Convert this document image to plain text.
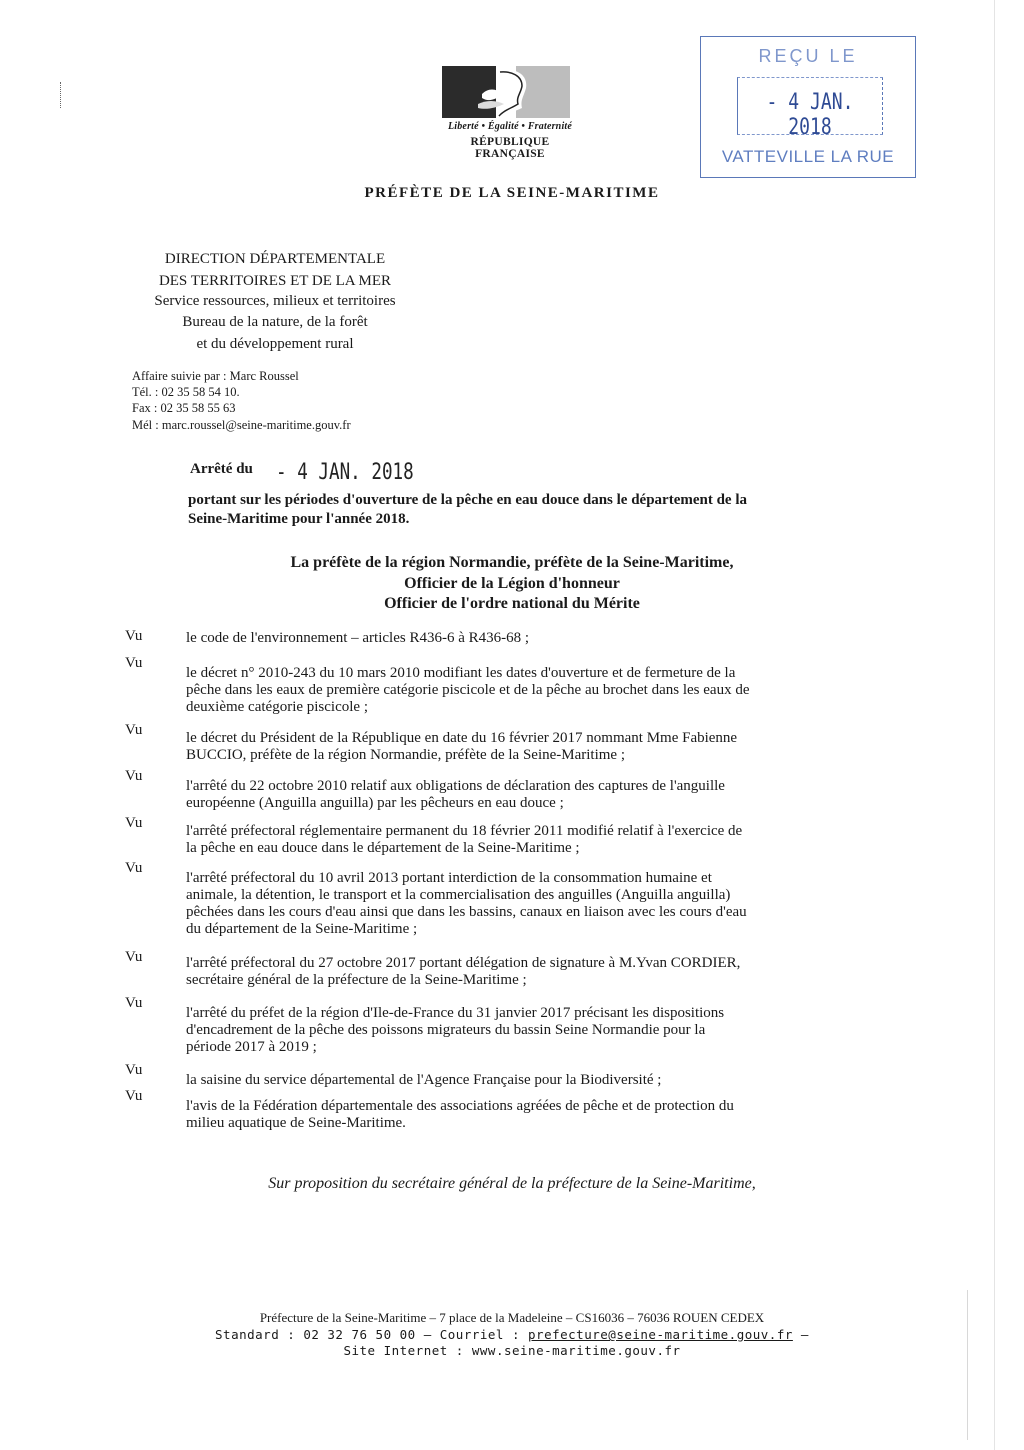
Liberté • Égalité • Fraternité
RÉPUBLIQUE FRANÇAISE
REÇU LE
- 4 JAN. 2018
VATTEVILLE LA RUE
PRÉFÈTE DE LA SEINE-MARITIME
DIRECTION DÉPARTEMENTALE
DES TERRITOIRES ET DE LA MER
Service ressources, milieux et territoires
Bureau de la nature, de la forêt
et du développement rural
Affaire suivie par : Marc Roussel
Tél. : 02 35 58 54 10.
Fax : 02 35 58 55 63
Mél : marc.roussel@seine-maritime.gouv.fr
Arrêté du - 4 JAN. 2018
portant sur les périodes d'ouverture de la pêche en eau douce dans le département de la
Seine-Maritime pour l'année 2018.
La préfète de la région Normandie, préfète de la Seine-Maritime,
Officier de la Légion d'honneur
Officier de l'ordre national du Mérite
Vu	le code de l'environnement – articles R436-6 à R436-68 ;
Vu
le décret n° 2010-243 du 10 mars 2010 modifiant les dates d'ouverture et de fermeture de la
pêche dans les eaux de première catégorie piscicole et de la pêche au brochet dans les eaux de
deuxième catégorie piscicole ;
Vu	le décret du Président de la République en date du 16 février 2017 nommant Mme Fabienne
BUCCIO, préfète de la région Normandie, préfète de la Seine-Maritime ;
Vu
l'arrêté du 22 octobre 2010 relatif aux obligations de déclaration des captures de l'anguille
européenne (Anguilla anguilla) par les pêcheurs en eau douce ;
Vu	l'arrêté préfectoral réglementaire permanent du 18 février 2011 modifié relatif à l'exercice de
la pêche en eau douce dans le département de la Seine-Maritime ;
Vu
l'arrêté préfectoral du 10 avril 2013 portant interdiction de la consommation humaine et
animale, la détention, le transport et la commercialisation des anguilles (Anguilla anguilla)
pêchées dans les cours d'eau ainsi que dans les bassins, canaux en liaison avec les cours d'eau
du département de la Seine-Maritime ;
Vu	l'arrêté préfectoral du 27 octobre 2017 portant délégation de signature à M.Yvan CORDIER,
secrétaire général de la préfecture de la Seine-Maritime ;
Vu
l'arrêté du préfet de la région d'Ile-de-France du 31 janvier 2017 précisant les dispositions
d'encadrement de la pêche des poissons migrateurs du bassin Seine Normandie pour la
période 2017 à 2019 ;
Vu
la saisine du service départemental de l'Agence Française pour la Biodiversité ;
Vu
l'avis de la Fédération départementale des associations agréées de pêche et de protection du
milieu aquatique de Seine-Maritime.
Sur proposition du secrétaire général de la préfecture de la Seine-Maritime,
Préfecture de la Seine-Maritime – 7 place de la Madeleine – CS16036 – 76036 ROUEN CEDEX
Standard : 02 32 76 50 00 – Courriel : prefecture@seine-maritime.gouv.fr –
Site Internet : www.seine-maritime.gouv.fr
